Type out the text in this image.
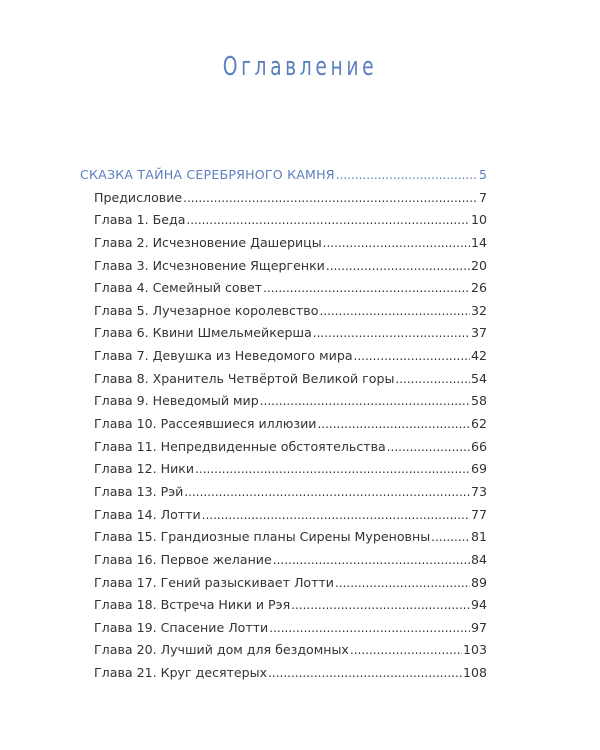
Оглавление
СКАЗКА ТАЙНА СЕРЕБРЯНОГО КАМНЯ .....	5
Предисловие .....	7
Глава 1. Беда .....	10
Глава 2. Исчезновение Дашерицы .....	14
Глава 3. Исчезновение Ящергенки .....	20
Глава 4. Семейный совет .....	26
Глава 5. Лучезарное королевство .....	32
Глава 6. Квини Шмельмейкерша .....	37
Глава 7. Девушка из Неведомого мира .....	42
Глава 8. Хранитель Четвёртой Великой горы .....	54
Глава 9. Неведомый мир .....	58
Глава 10. Рассеявшиеся иллюзии .....	62
Глава 11. Непредвиденные обстоятельства .....	66
Глава 12. Ники .....	69
Глава 13. Рэй .....	73
Глава 14. Лотти .....	77
Глава 15. Грандиозные планы Сирены Муреновны .....	81
Глава 16. Первое желание .....	84
Глава 17. Гений разыскивает Лотти .....	89
Глава 18. Встреча Ники и Рэя .....	94
Глава 19. Спасение Лотти .....	97
Глава 20. Лучший дом для бездомных .....	103
Глава 21. Круг десятерых .....	108
